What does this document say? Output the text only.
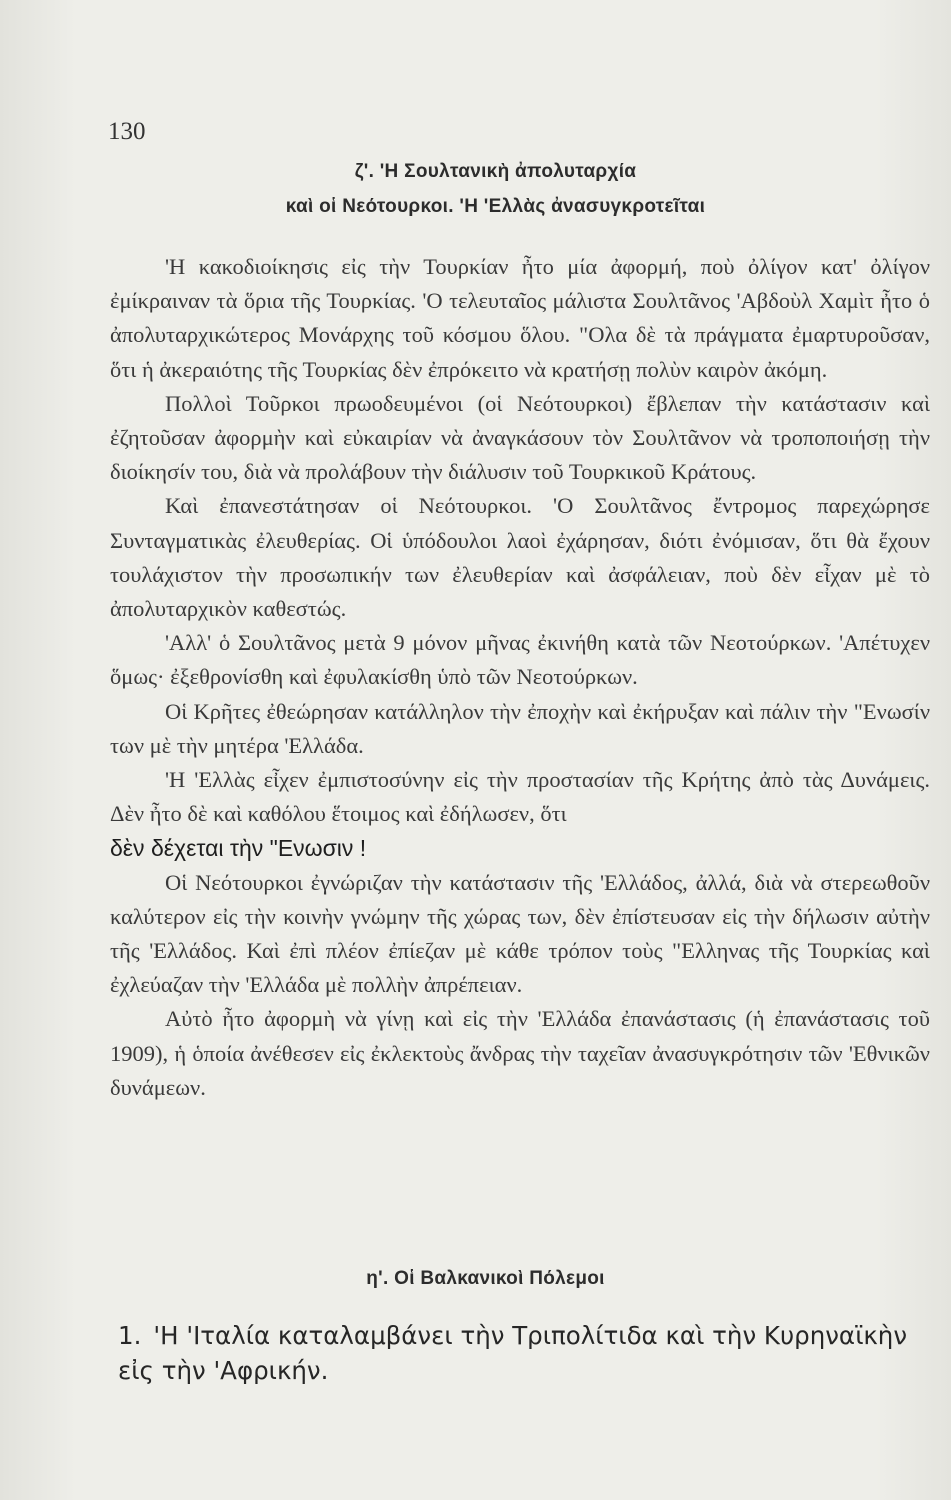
130
ζ'. 'Η Σουλτανικὴ ἀπολυταρχία
καὶ οἱ Νεότουρκοι. 'Η 'Ελλὰς ἀνασυγκροτεῖται

'Η κακοδιοίκησις εἰς τὴν Τουρκίαν ἦτο μία ἀφορμή, ποὺ ὀλίγον κατ' ὀλίγον ἐμίκραιναν τὰ ὅρια τῆς Τουρκίας. 'Ο τελευταῖος μάλιστα Σουλτᾶνος 'Αβδοὺλ Χαμὶτ ἦτο ὁ ἀπολυταρχικώτερος Μονάρχης τοῦ κόσμου ὅλου. "Ολα δὲ τὰ πράγματα ἐμαρτυροῦσαν, ὅτι ἡ ἀκεραιότης τῆς Τουρκίας δὲν ἐπρόκειτο νὰ κρατήσῃ πολὺν καιρὸν ἀκόμη.

Πολλοὶ Τοῦρκοι πρωοδευμένοι (οἱ Νεότουρκοι) ἔβλεπαν τὴν κατάστασιν καὶ ἐζητοῦσαν ἀφορμὴν καὶ εὐκαιρίαν νὰ ἀναγκάσουν τὸν Σουλτᾶνον νὰ τροποποιήσῃ τὴν διοίκησίν του, διὰ νὰ προλάβουν τὴν διάλυσιν τοῦ Τουρκικοῦ Κράτους.

Καὶ ἐπανεστάτησαν οἱ Νεότουρκοι. 'Ο Σουλτᾶνος ἔντρομος παρεχώρησε Συνταγματικὰς ἐλευθερίας. Οἱ ὑπόδουλοι λαοὶ ἐχάρησαν, διότι ἐνόμισαν, ὅτι θὰ ἔχουν τουλάχιστον τὴν προσωπικήν των ἐλευθερίαν καὶ ἀσφάλειαν, ποὺ δὲν εἶχαν μὲ τὸ ἀπολυταρχικὸν καθεστώς.

'Αλλ' ὁ Σουλτᾶνος μετὰ 9 μόνον μῆνας ἐκινήθη κατὰ τῶν Νεοτούρκων. 'Απέτυχεν ὅμως· ἐξεθρονίσθη καὶ ἐφυλακίσθη ὑπὸ τῶν Νεοτούρκων.

Οἱ Κρῆτες ἐθεώρησαν κατάλληλον τὴν ἐποχὴν καὶ ἐκήρυξαν καὶ πάλιν τὴν "Ενωσίν των μὲ τὴν μητέρα 'Ελλάδα.

'Η 'Ελλὰς εἶχεν ἐμπιστοσύνην εἰς τὴν προστασίαν τῆς Κρήτης ἀπὸ τὰς Δυνάμεις. Δὲν ἦτο δὲ καὶ καθόλου ἕτοιμος καὶ ἐδήλωσεν, ὅτι

δὲν δέχεται τὴν "Ενωσιν !

Οἱ Νεότουρκοι ἐγνώριζαν τὴν κατάστασιν τῆς 'Ελλάδος, ἀλλά, διὰ νὰ στερεωθοῦν καλύτερον εἰς τὴν κοινὴν γνώμην τῆς χώρας των, δὲν ἐπίστευσαν εἰς τὴν δήλωσιν αὐτὴν τῆς 'Ελλάδος. Καὶ ἐπὶ πλέον ἐπίεζαν μὲ κάθε τρόπον τοὺς "Ελληνας τῆς Τουρκίας καὶ ἐχλεύαζαν τὴν 'Ελλάδα μὲ πολλὴν ἀπρέπειαν.

Αὐτὸ ἦτο ἀφορμὴ νὰ γίνῃ καὶ εἰς τὴν 'Ελλάδα ἐπανάστασις (ἡ ἐπανάστασις τοῦ 1909), ἡ ὁποία ἀνέθεσεν εἰς ἐκλεκτοὺς ἄνδρας τὴν ταχεῖαν ἀνασυγκρότησιν τῶν 'Εθνικῶν δυνάμεων.

η'. Οἱ Βαλκανικοὶ Πόλεμοι
1. 'Η 'Ιταλία καταλαμβάνει τὴν Τριπολίτιδα καὶ τὴν Κυρηναϊκὴν εἰς τὴν 'Αφρικήν.
